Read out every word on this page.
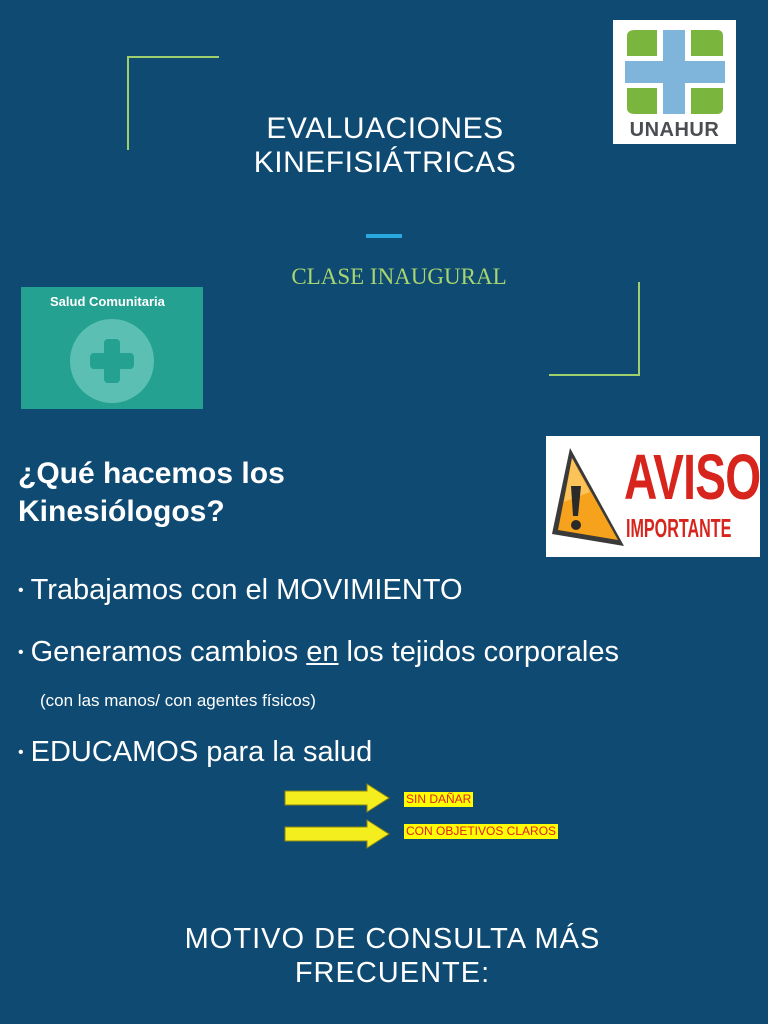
EVALUACIONES KINEFISIÁTRICAS
CLASE INAUGURAL
UNAHUR
Salud Comunitaria
AVISO
IMPORTANTE
¿Qué hacemos los Kinesiólogos?
• Trabajamos con el MOVIMIENTO
• Generamos cambios en los tejidos corporales
(con las manos/ con agentes físicos)
• EDUCAMOS para la salud
SIN DAÑAR
CON OBJETIVOS CLAROS
MOTIVO DE CONSULTA MÁS FRECUENTE:
